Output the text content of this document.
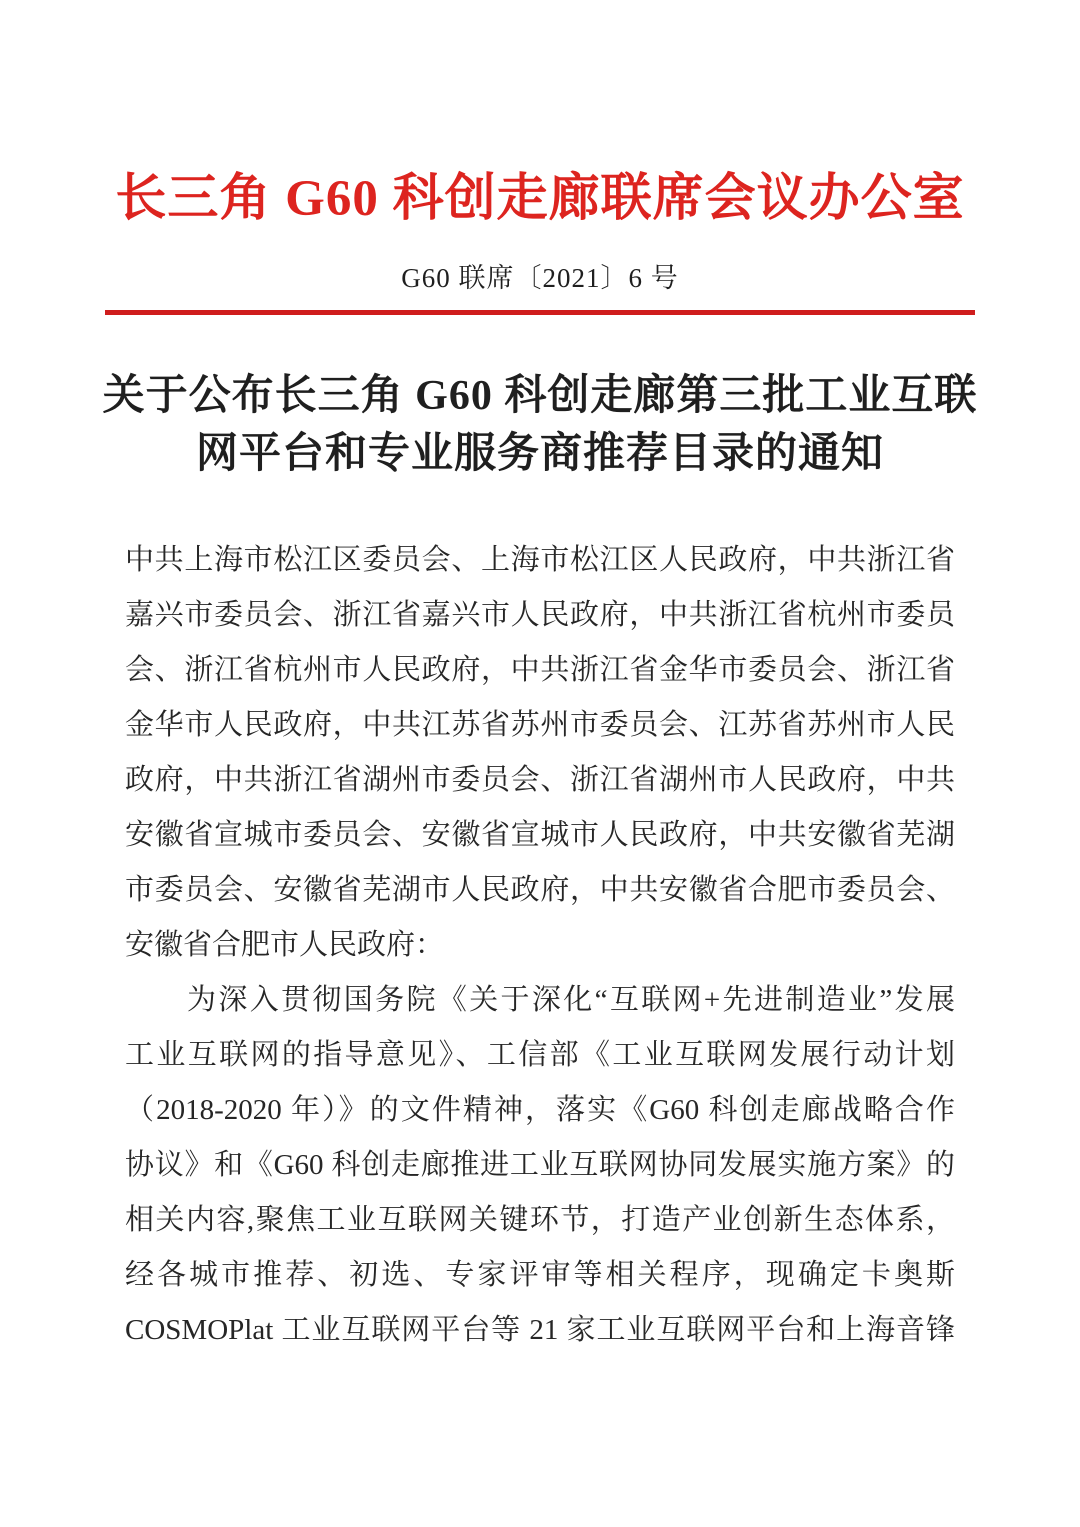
长三角 G60 科创走廊联席会议办公室
G60 联席〔2021〕6 号
关于公布长三角 G60 科创走廊第三批工业互联
网平台和专业服务商推荐目录的通知
中共上海市松江区委员会、上海市松江区人民政府，中共浙江省
嘉兴市委员会、浙江省嘉兴市人民政府，中共浙江省杭州市委员
会、浙江省杭州市人民政府，中共浙江省金华市委员会、浙江省
金华市人民政府，中共江苏省苏州市委员会、江苏省苏州市人民
政府，中共浙江省湖州市委员会、浙江省湖州市人民政府，中共
安徽省宣城市委员会、安徽省宣城市人民政府，中共安徽省芜湖
市委员会、安徽省芜湖市人民政府，中共安徽省合肥市委员会、
安徽省合肥市人民政府：
为深入贯彻国务院《关于深化“互联网+先进制造业”发展
工业互联网的指导意见》、工信部《工业互联网发展行动计划
（2018-2020 年）》的文件精神，落实《G60 科创走廊战略合作
协议》和《G60 科创走廊推进工业互联网协同发展实施方案》的
相关内容,聚焦工业互联网关键环节，打造产业创新生态体系，
经各城市推荐、初选、专家评审等相关程序，现确定卡奥斯
COSMOPlat 工业互联网平台等 21 家工业互联网平台和上海音锋
